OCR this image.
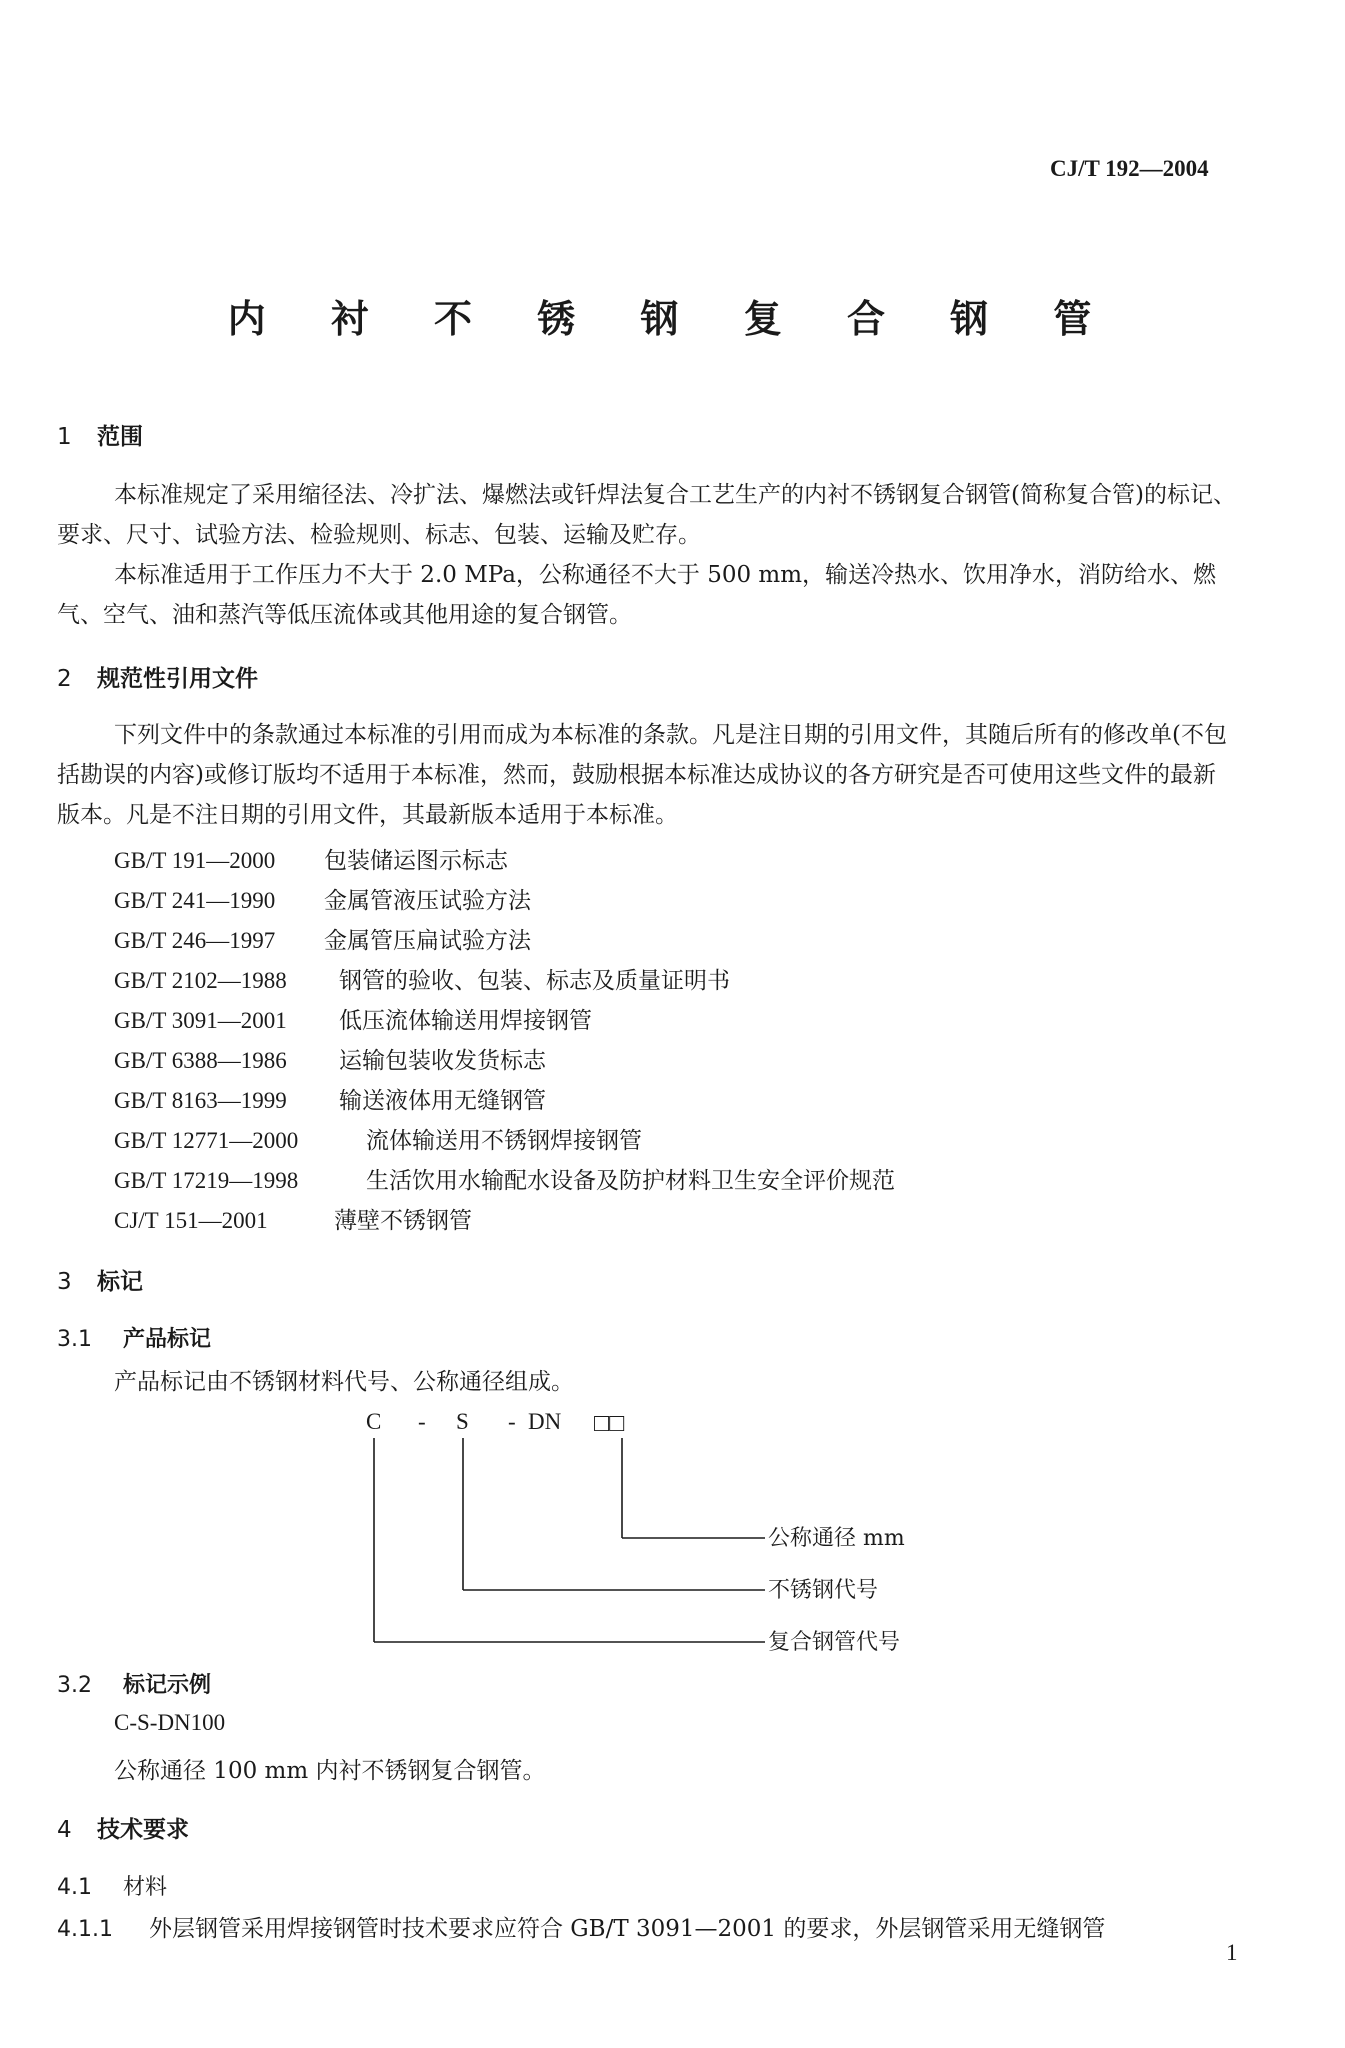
CJ/T 192—2004
内 衬 不 锈 钢 复 合 钢 管
1 范围
本标准规定了采用缩径法、冷扩法、爆燃法或钎焊法复合工艺生产的内衬不锈钢复合钢管(简称复合管)的标记、要求、尺寸、试验方法、检验规则、标志、包装、运输及贮存。
本标准适用于工作压力不大于 2.0 MPa，公称通径不大于 500 mm，输送冷热水、饮用净水，消防给水、燃气、空气、油和蒸汽等低压流体或其他用途的复合钢管。
2 规范性引用文件
下列文件中的条款通过本标准的引用而成为本标准的条款。凡是注日期的引用文件，其随后所有的修改单(不包括勘误的内容)或修订版均不适用于本标准，然而，鼓励根据本标准达成协议的各方研究是否可使用这些文件的最新版本。凡是不注日期的引用文件，其最新版本适用于本标准。
GB/T 191—2000 包装储运图示标志
GB/T 241—1990 金属管液压试验方法
GB/T 246—1997 金属管压扁试验方法
GB/T 2102—1988 钢管的验收、包装、标志及质量证明书
GB/T 3091—2001 低压流体输送用焊接钢管
GB/T 6388—1986 运输包装收发货标志
GB/T 8163—1999 输送液体用无缝钢管
GB/T 12771—2000	流体输送用不锈钢焊接钢管
GB/T 17219—1998	生活饮用水输配水设备及防护材料卫生安全评价规范
CJ/T 151—2001	薄壁不锈钢管
3 标记
3.1 产品标记
产品标记由不锈钢材料代号、公称通径组成。
C - S - DN □□
公称通径 mm
不锈钢代号
复合钢管代号
3.2 标记示例
C-S-DN100
公称通径 100 mm 内衬不锈钢复合钢管。
4 技术要求
4.1 材料
4.1.1 外层钢管采用焊接钢管时技术要求应符合 GB/T 3091—2001 的要求，外层钢管采用无缝钢管
1
